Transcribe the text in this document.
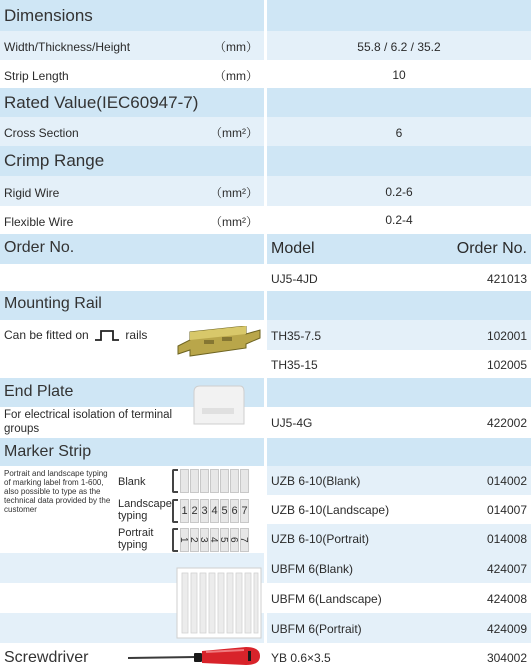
Dimensions
Width/Thickness/Height	（mm）	55.8 / 6.2 / 35.2
Strip Length	（mm）	10
Rated Value(IEC60947-7)
Cross Section	（mm²）	6
Crimp Range
Rigid Wire	（mm²）	0.2-6
Flexible Wire	（mm²）	0.2-4
Order No.	Model	Order No.
UJ5-4JD	421013
Mounting Rail
Can be fitted on	rails	TH35-7.5	102001
TH35-15	102005
End Plate
For electrical isolation of terminal groups	UJ5-4G	422002
Marker Strip
Portrait and landscape typing of marking label from 1-600, also possible to type as the technical data provided by the customer
Blank
Landscape typing
Portrait typing
1 2 3 4 5 6 7
1 2 3 4 5 6 7
UZB 6-10(Blank)	014002
UZB 6-10(Landscape)	014007
UZB 6-10(Portrait)	014008
UBFM 6(Blank)	424007
UBFM 6(Landscape)	424008
UBFM 6(Portrait)	424009
Screwdriver	YB 0.6×3.5	304002
